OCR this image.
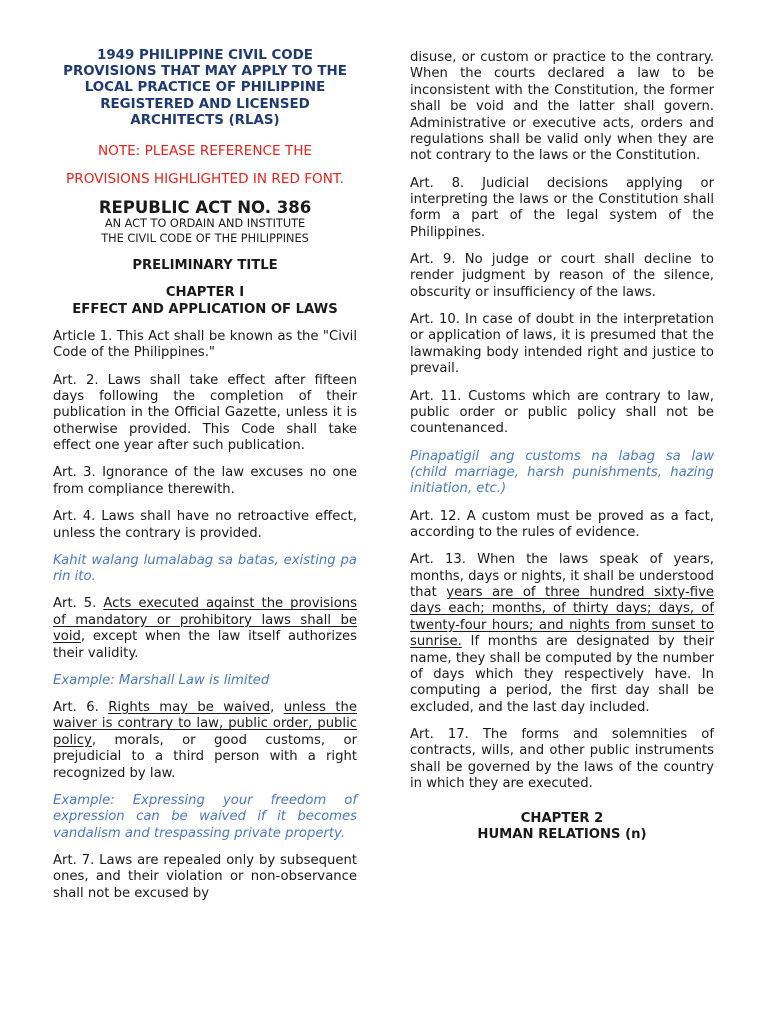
1949 PHILIPPINE CIVIL CODE PROVISIONS THAT MAY APPLY TO THE LOCAL PRACTICE OF PHILIPPINE REGISTERED AND LICENSED ARCHITECTS (RLAS)

NOTE: PLEASE REFERENCE THE

PROVISIONS HIGHLIGHTED IN RED FONT.

REPUBLIC ACT NO. 386

AN ACT TO ORDAIN AND INSTITUTE
THE CIVIL CODE OF THE PHILIPPINES

PRELIMINARY TITLE

CHAPTER I
EFFECT AND APPLICATION OF LAWS

Article 1. This Act shall be known as the "Civil Code of the Philippines."

Art. 2. Laws shall take effect after fifteen days following the completion of their publication in the Official Gazette, unless it is otherwise provided. This Code shall take effect one year after such publication.

Art. 3. Ignorance of the law excuses no one from compliance therewith.

Art. 4. Laws shall have no retroactive effect, unless the contrary is provided.

Kahit walang lumalabag sa batas, existing pa rin ito.

Art. 5. Acts executed against the provisions of mandatory or prohibitory laws shall be void, except when the law itself authorizes their validity.

Example: Marshall Law is limited

Art. 6. Rights may be waived, unless the waiver is contrary to law, public order, public policy, morals, or good customs, or prejudicial to a third person with a right recognized by law.

Example: Expressing your freedom of expression can be waived if it becomes vandalism and trespassing private property.

Art. 7. Laws are repealed only by subsequent ones, and their violation or non-observance shall not be excused by

disuse, or custom or practice to the contrary. When the courts declared a law to be inconsistent with the Constitution, the former shall be void and the latter shall govern. Administrative or executive acts, orders and regulations shall be valid only when they are not contrary to the laws or the Constitution.

Art. 8. Judicial decisions applying or interpreting the laws or the Constitution shall form a part of the legal system of the Philippines.

Art. 9. No judge or court shall decline to render judgment by reason of the silence, obscurity or insufficiency of the laws.

Art. 10. In case of doubt in the interpretation or application of laws, it is presumed that the lawmaking body intended right and justice to prevail.

Art. 11. Customs which are contrary to law, public order or public policy shall not be countenanced.

Pinapatigil ang customs na labag sa law (child marriage, harsh punishments, hazing initiation, etc.)

Art. 12. A custom must be proved as a fact, according to the rules of evidence.

Art. 13. When the laws speak of years, months, days or nights, it shall be understood that years are of three hundred sixty-five days each; months, of thirty days; days, of twenty-four hours; and nights from sunset to sunrise. If months are designated by their name, they shall be computed by the number of days which they respectively have. In computing a period, the first day shall be excluded, and the last day included.

Art. 17. The forms and solemnities of contracts, wills, and other public instruments shall be governed by the laws of the country in which they are executed.

CHAPTER 2
HUMAN RELATIONS (n)
